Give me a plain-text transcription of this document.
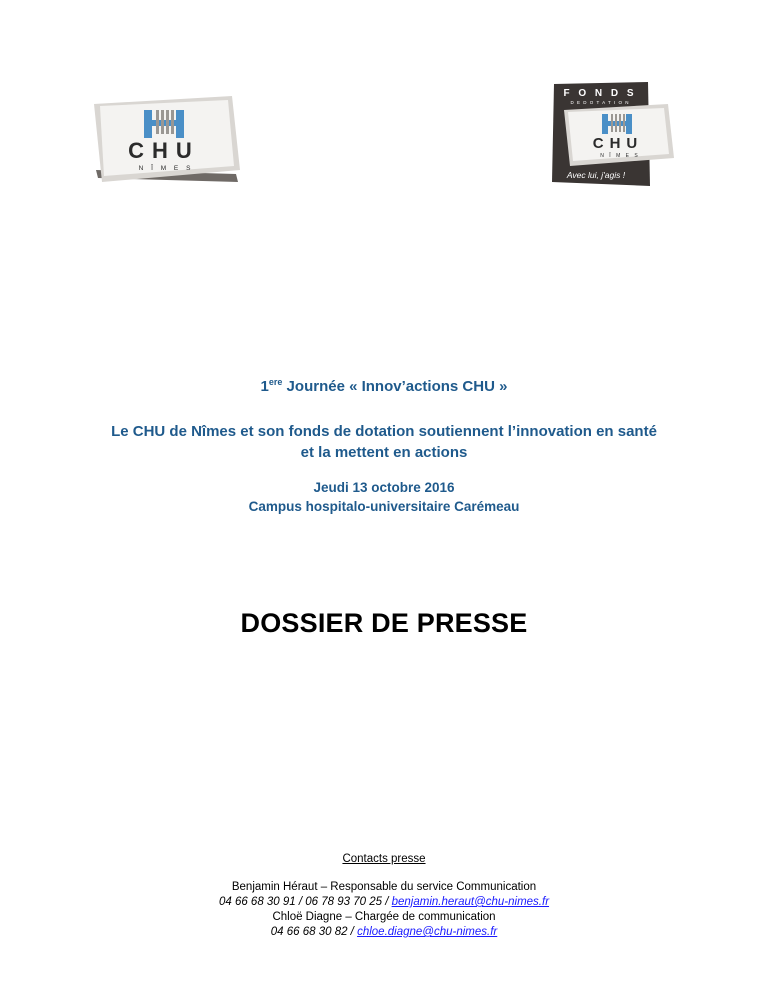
CHU
N Î M E S
F O N D S
D E D O T A T I O N
CHU
N Î M E S
Avec lui, j'agis !
1ere Journée « Innov’actions CHU »
Le CHU de Nîmes et son fonds de dotation soutiennent l’innovation en santé
et la mettent en actions
Jeudi 13 octobre 2016
Campus hospitalo-universitaire Carémeau
DOSSIER DE PRESSE
Contacts presse
Benjamin Héraut – Responsable du service Communication
04 66 68 30 91 / 06 78 93 70 25 / benjamin.heraut@chu-nimes.fr
Chloë Diagne – Chargée de communication
04 66 68 30 82 / chloe.diagne@chu-nimes.fr
